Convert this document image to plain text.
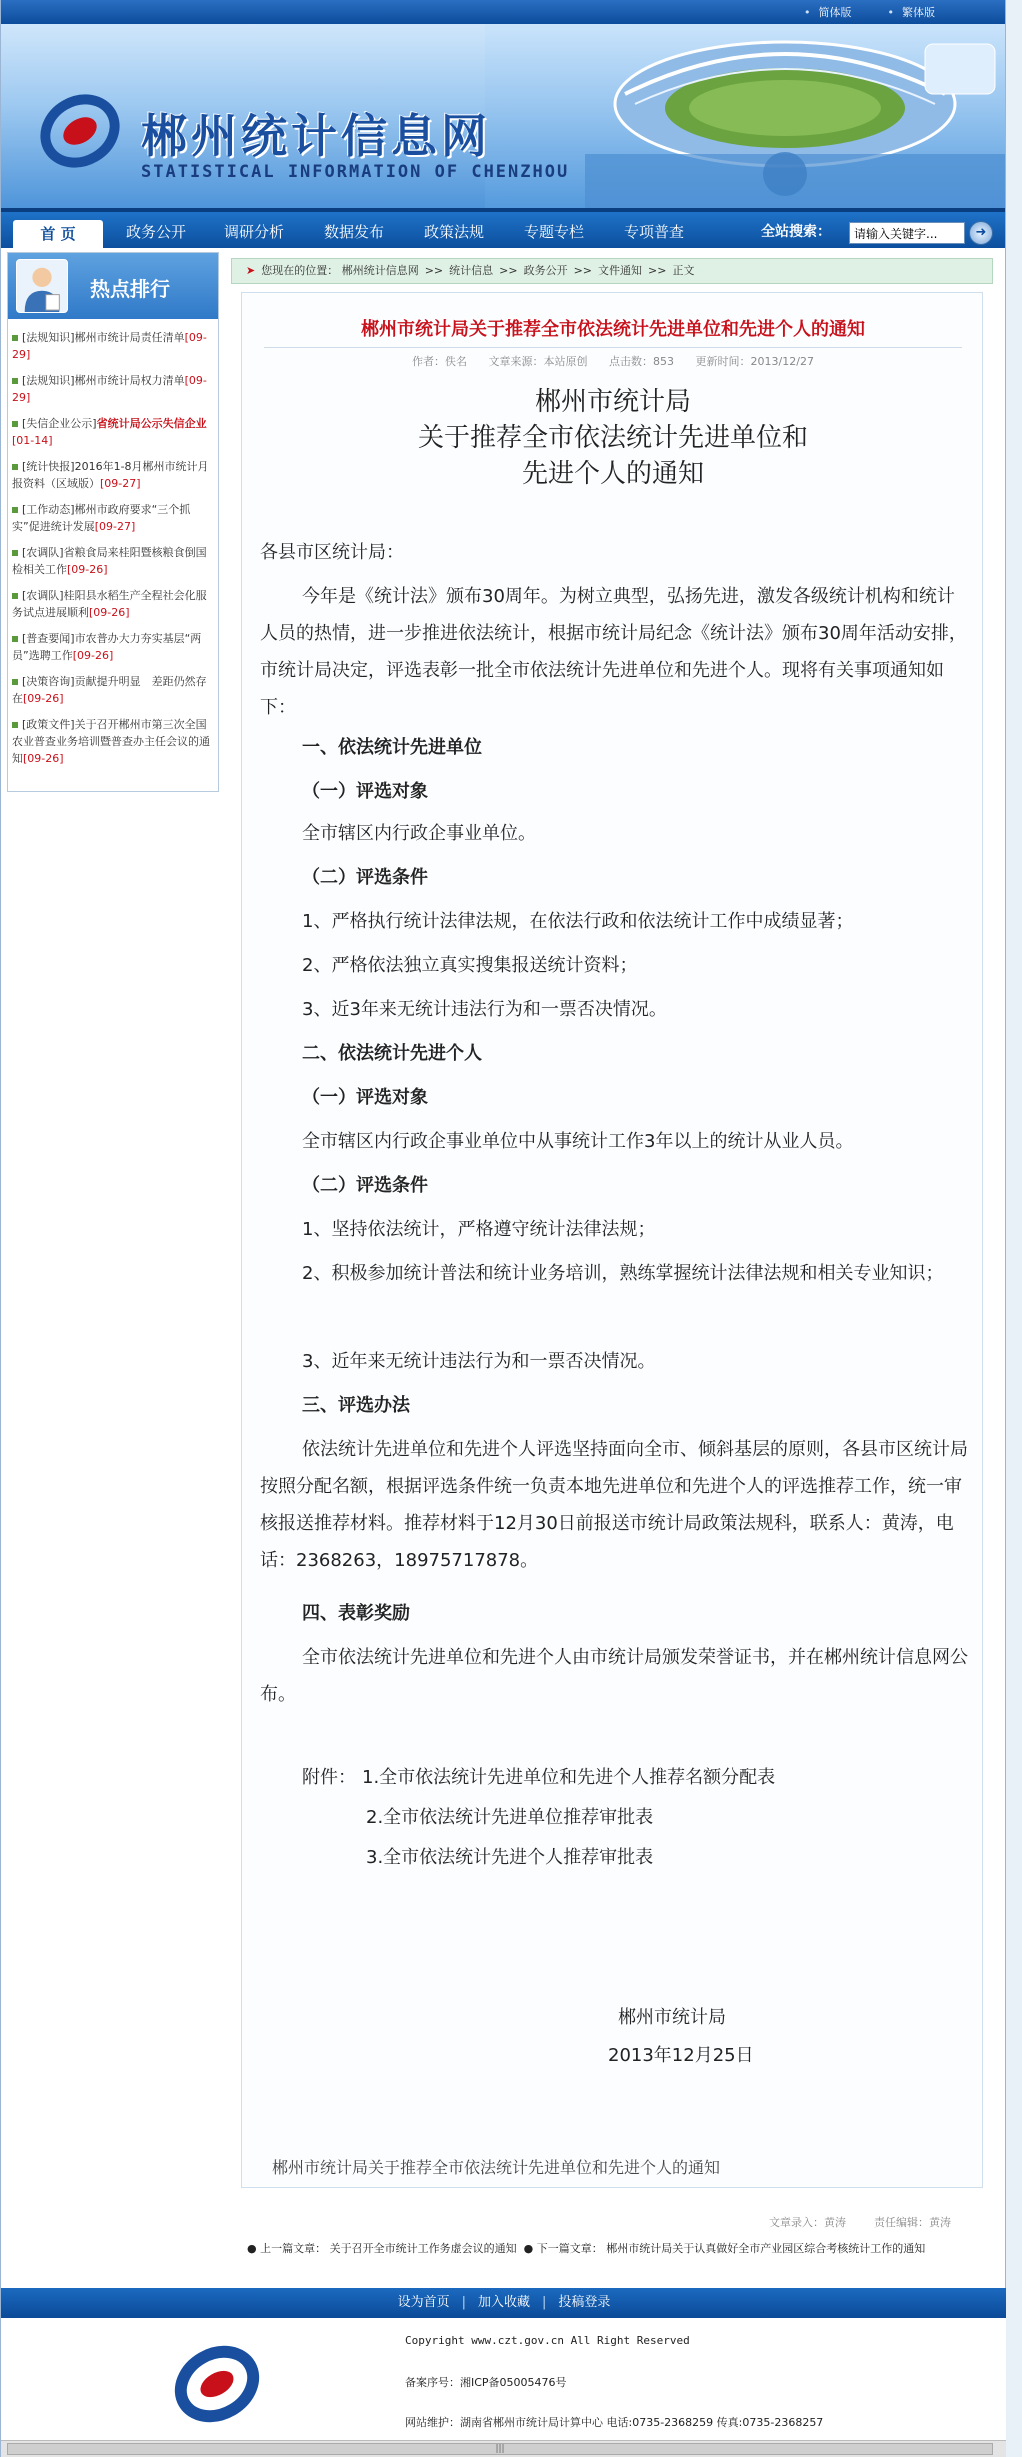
• 简体版
•	繁体版
郴州统计信息网
STATISTICAL INFORMATION OF CHENZHOU
首 页	政务公开	调研分析	数据发布	政策法规	专题专栏	专项普查	全站搜索：
请输入关键字...	➜
热点排行
[法规知识]郴州市统计局责任清单[09-29]
[法规知识]郴州市统计局权力清单[09-29]
[失信企业公示]省统计局公示失信企业[01-14]
[统计快报]2016年1-8月郴州市统计月报资料（区域版）[09-27]
[工作动态]郴州市政府要求“三个抓实”促进统计发展[09-27]
[农调队]省粮食局来桂阳暨核粮食倒国检相关工作[09-26]
[农调队]桂阳县水稻生产全程社会化服务试点进展顺利[09-26]
[普查要闻]市农普办大力夯实基层“两员”选聘工作[09-26]
[决策咨询]贡献提升明显　差距仍然存在[09-26]
[政策文件]关于召开郴州市第三次全国农业普查业务培训暨普查办主任会议的通知[09-26]
➤ 您现在的位置： 郴州统计信息网 >> 统计信息 >> 政务公开 >> 文件通知 >> 正文
郴州市统计局关于推荐全市依法统计先进单位和先进个人的通知
作者：佚名 文章来源：本站原创 点击数：853 更新时间：2013/12/27
郴州市统计局
关于推荐全市依法统计先进单位和
先进个人的通知
各县市区统计局：
今年是《统计法》颁布30周年。为树立典型，弘扬先进，激发各级统计机构和统计人员的热情，进一步推进依法统计，根据市统计局纪念《统计法》颁布30周年活动安排，市统计局决定，评选表彰一批全市依法统计先进单位和先进个人。现将有关事项通知如下：
一、依法统计先进单位
（一）评选对象
全市辖区内行政企事业单位。
（二）评选条件
1、严格执行统计法律法规，在依法行政和依法统计工作中成绩显著；
2、严格依法独立真实搜集报送统计资料；
3、近3年来无统计违法行为和一票否决情况。
二、依法统计先进个人
（一）评选对象
全市辖区内行政企事业单位中从事统计工作3年以上的统计从业人员。
（二）评选条件
1、坚持依法统计，严格遵守统计法律法规；
2、积极参加统计普法和统计业务培训，熟练掌握统计法律法规和相关专业知识；
3、近年来无统计违法行为和一票否决情况。
三、评选办法
依法统计先进单位和先进个人评选坚持面向全市、倾斜基层的原则，各县市区统计局按照分配名额，根据评选条件统一负责本地先进单位和先进个人的评选推荐工作，统一审核报送推荐材料。推荐材料于12月30日前报送市统计局政策法规科，联系人：黄涛，电话：2368263，18975717878。
四、表彰奖励
全市依法统计先进单位和先进个人由市统计局颁发荣誉证书，并在郴州统计信息网公布。
附件： 1.全市依法统计先进单位和先进个人推荐名额分配表
2.全市依法统计先进单位推荐审批表
3.全市依法统计先进个人推荐审批表
郴州市统计局
2013年12月25日
郴州市统计局关于推荐全市依法统计先进单位和先进个人的通知
文章录入：黄涛	责任编辑：黄涛
● 上一篇文章： 关于召开全市统计工作务虚会议的通知 ● 下一篇文章： 郴州市统计局关于认真做好全市产业园区综合考核统计工作的通知
设为首页 | 加入收藏 | 投稿登录
Copyright www.czt.gov.cn All Right Reserved
备案序号：湘ICP备05005476号
网站维护：湖南省郴州市统计局计算中心 电话:0735-2368259 传真:0735-2368257
|||
